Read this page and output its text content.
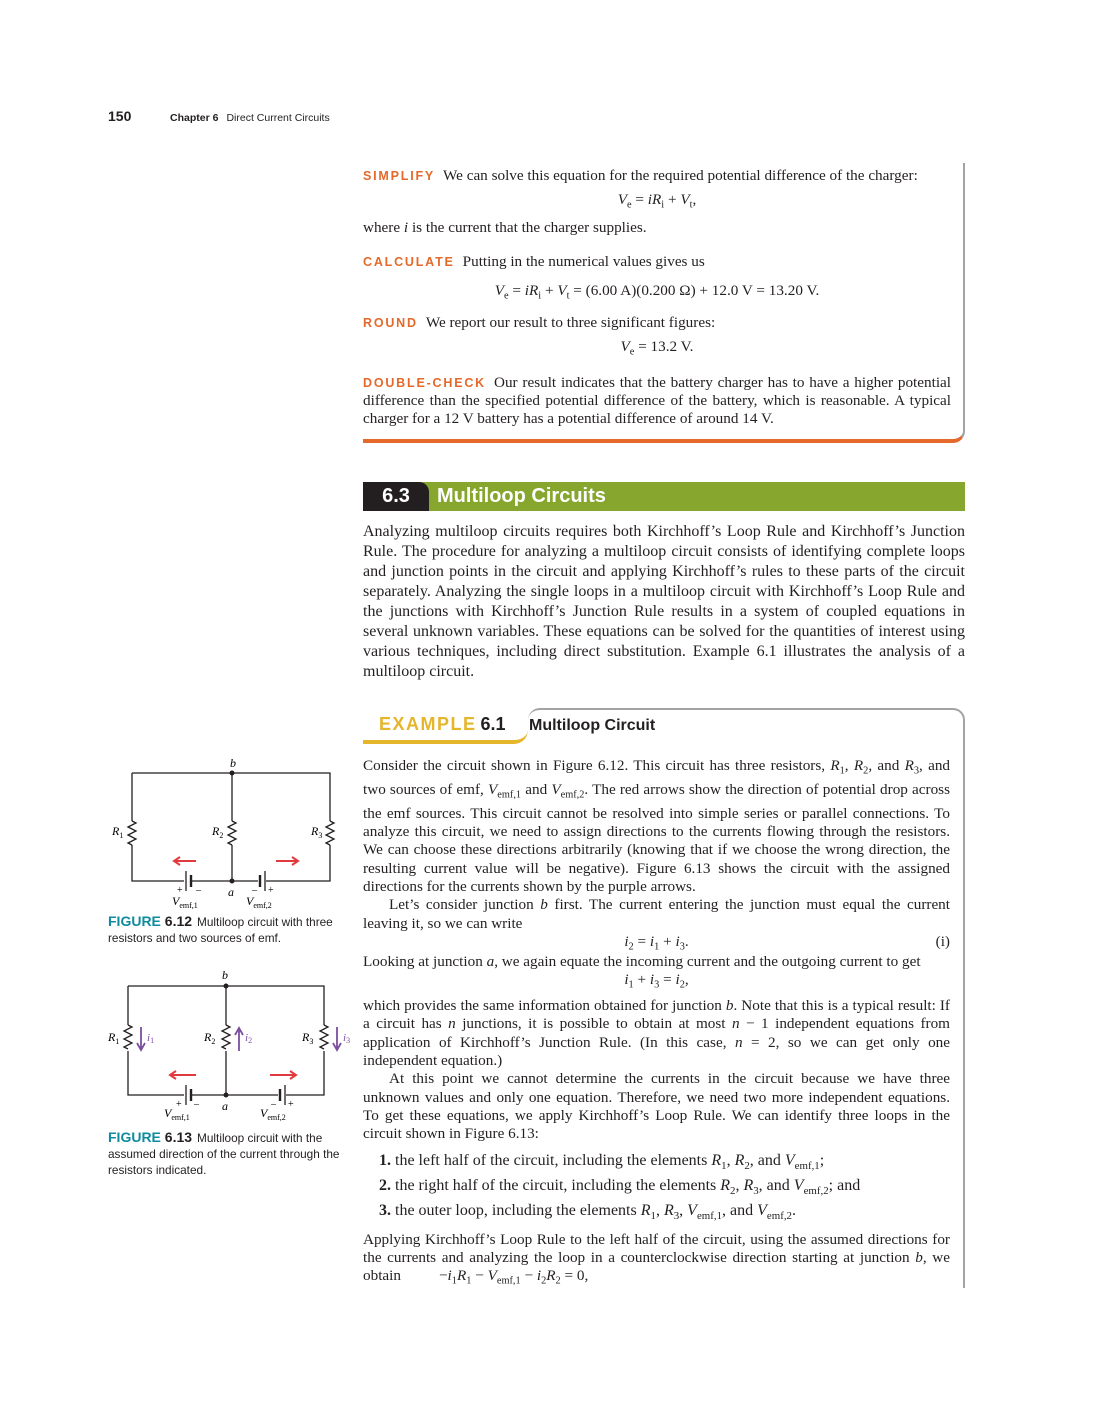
150	Chapter 6 Direct Current Circuits
SIMPLIFY We can solve this equation for the required potential difference of the charger:
$V_e = iR_i + V_t$,
where i is the current that the charger supplies.
CALCULATE Putting in the numerical values gives us
$V_e = iR_i + V_t = (6.00$ A)(0.200 Ω) + 12.0 V = 13.20 V.
ROUND We report our result to three significant figures:
$V_e = 13.2$ V.
DOUBLE-CHECK Our result indicates that the battery charger has to have a higher potential difference than the specified potential difference of the battery, which is reasonable. A typical charger for a 12 V battery has a potential difference of around 14 V.
6.3	Multiloop Circuits

Analyzing multiloop circuits requires both Kirchhoff’s Loop Rule and Kirchhoff’s Junction Rule. The procedure for analyzing a multiloop circuit consists of identifying complete loops and junction points in the circuit and applying Kirchhoff’s rules to these parts of the circuit separately. Analyzing the single loops in a multiloop circuit with Kirchhoff’s Loop Rule and the junctions with Kirchhoff’s Junction Rule results in a system of coupled equations in several unknown variables. These equations can be solved for the quantities of interest using various techniques, including direct substitution. Example 6.1 illustrates the analysis of a multiloop circuit.

EXAMPLE 6.1 Multiloop Circuit

Consider the circuit shown in Figure 6.12. This circuit has three resistors, $R_1$, $R_2$, and $R_3$, and two sources of emf, $V_{emf,1}$ and $V_{emf,2}$. The red arrows show the direction of potential drop across the emf sources. This circuit cannot be resolved into simple series or parallel connections. To analyze this circuit, we need to assign directions to the currents flowing through the resistors. We can choose these directions arbitrarily (knowing that if we choose the wrong direction, the resulting current value will be negative). Figure 6.13 shows the circuit with the assigned directions for the currents shown by the purple arrows.

Let’s consider junction b first. The current entering the junction must equal the current leaving it, so we can write

$i_2 = i_1 + i_3$.	(i)

Looking at junction a, we again equate the incoming current and the outgoing current to get

$i_1 + i_3 = i_2$,

which provides the same information obtained for junction b. Note that this is a typical result: If a circuit has n junctions, it is possible to obtain at most n − 1 independent equations from application of Kirchhoff’s Junction Rule. (In this case, n = 2, so we can get only one independent equation.)

At this point we cannot determine the currents in the circuit because we have three unknown values and only one equation. Therefore, we need two more independent equations. To get these equations, we apply Kirchhoff’s Loop Rule. We can identify three loops in the circuit shown in Figure 6.13:

1. the left half of the circuit, including the elements $R_1$, $R_2$, and $V_{emf,1}$;
2. the right half of the circuit, including the elements $R_2$, $R_3$, and $V_{emf,2}$; and
3. the outer loop, including the elements $R_1$, $R_3$, $V_{emf,1}$, and $V_{emf,2}$.

Applying Kirchhoff’s Loop Rule to the left half of the circuit, using the assumed directions for the currents and analyzing the loop in a counterclockwise direction starting at junction b, we obtain	$-i_1R_1 - V_{emf,1} - i_2R_2 = 0$,

b
$R_1$	$R_2$	$R_3$
+ –	– +
a
$V_{emf,1}$	$V_{emf,2}$
FIGURE 6.12 Multiloop circuit with three resistors and two sources of emf.
b
$R_1$	$R_2$	$R_3$
i1	i2	i3
+ –	– +
a
$V_{emf,1}$	$V_{emf,2}$
FIGURE 6.13 Multiloop circuit with the assumed direction of the current through the resistors indicated.
